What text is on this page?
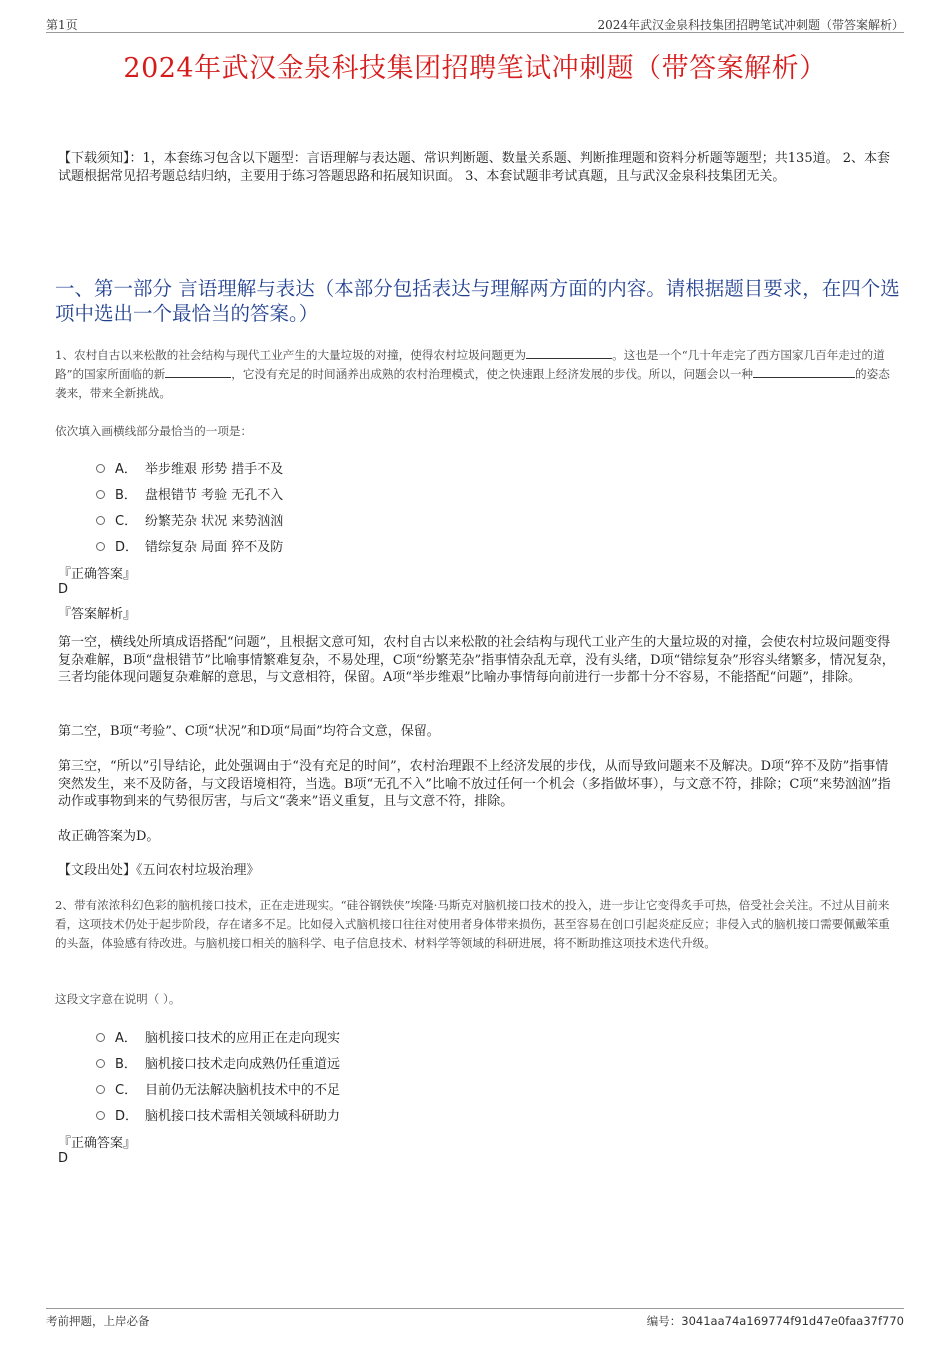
第1页	2024年武汉金泉科技集团招聘笔试冲刺题（带答案解析）
2024年武汉金泉科技集团招聘笔试冲刺题（带答案解析）
【下载须知】：1，本套练习包含以下题型：言语理解与表达题、常识判断题、数量关系题、判断推理题和资料分析题等题型；共135道。 2、本套试题根据常见招考题总结归纳，主要用于练习答题思路和拓展知识面。 3、本套试题非考试真题，且与武汉金泉科技集团无关。
一、第一部分 言语理解与表达（本部分包括表达与理解两方面的内容。请根据题目要求，在四个选项中选出一个最恰当的答案。）
1、农村自古以来松散的社会结构与现代工业产生的大量垃圾的对撞，使得农村垃圾问题更为	。这也是一个“几十年走完了西方国家几百年走过的道路”的国家所面临的新	，它没有充足的时间涵养出成熟的农村治理模式，使之快速跟上经济发展的步伐。所以，问题会以一种	的姿态袭来，带来全新挑战。
依次填入画横线部分最恰当的一项是：
A． 举步维艰 形势 措手不及
B． 盘根错节 考验 无孔不入
C． 纷繁芜杂 状况 来势汹汹
D． 错综复杂 局面 猝不及防
『正确答案』
D
『答案解析』
第一空，横线处所填成语搭配“问题”，且根据文意可知，农村自古以来松散的社会结构与现代工业产生的大量垃圾的对撞，会使农村垃圾问题变得复杂难解，B项“盘根错节”比喻事情繁难复杂，不易处理，C项“纷繁芜杂”指事情杂乱无章，没有头绪，D项“错综复杂”形容头绪繁多，情况复杂，三者均能体现问题复杂难解的意思，与文意相符，保留。A项“举步维艰”比喻办事情每向前进行一步都十分不容易，不能搭配“问题”，排除。
第二空，B项“考验”、C项“状况”和D项“局面”均符合文意，保留。
第三空，“所以”引导结论，此处强调由于“没有充足的时间”，农村治理跟不上经济发展的步伐，从而导致问题来不及解决。D项“猝不及防”指事情突然发生，来不及防备，与文段语境相符，当选。B项“无孔不入”比喻不放过任何一个机会（多指做坏事），与文意不符，排除；C项“来势汹汹”指动作或事物到来的气势很厉害，与后文“袭来”语义重复，且与文意不符，排除。
故正确答案为D。
【文段出处】《五问农村垃圾治理》
2、带有浓浓科幻色彩的脑机接口技术，正在走进现实。“硅谷钢铁侠”埃隆·马斯克对脑机接口技术的投入，进一步让它变得炙手可热，倍受社会关注。不过从目前来看，这项技术仍处于起步阶段，存在诸多不足。比如侵入式脑机接口往往对使用者身体带来损伤，甚至容易在创口引起炎症反应；非侵入式的脑机接口需要佩戴笨重的头盔，体验感有待改进。与脑机接口相关的脑科学、电子信息技术、材料学等领域的科研进展，将不断助推这项技术迭代升级。
这段文字意在说明（ ）。
A． 脑机接口技术的应用正在走向现实
B． 脑机接口技术走向成熟仍任重道远
C． 目前仍无法解决脑机技术中的不足
D． 脑机接口技术需相关领域科研助力
『正确答案』
D
考前押题，上岸必备	编号：3041aa74a169774f91d47e0faa37f770
